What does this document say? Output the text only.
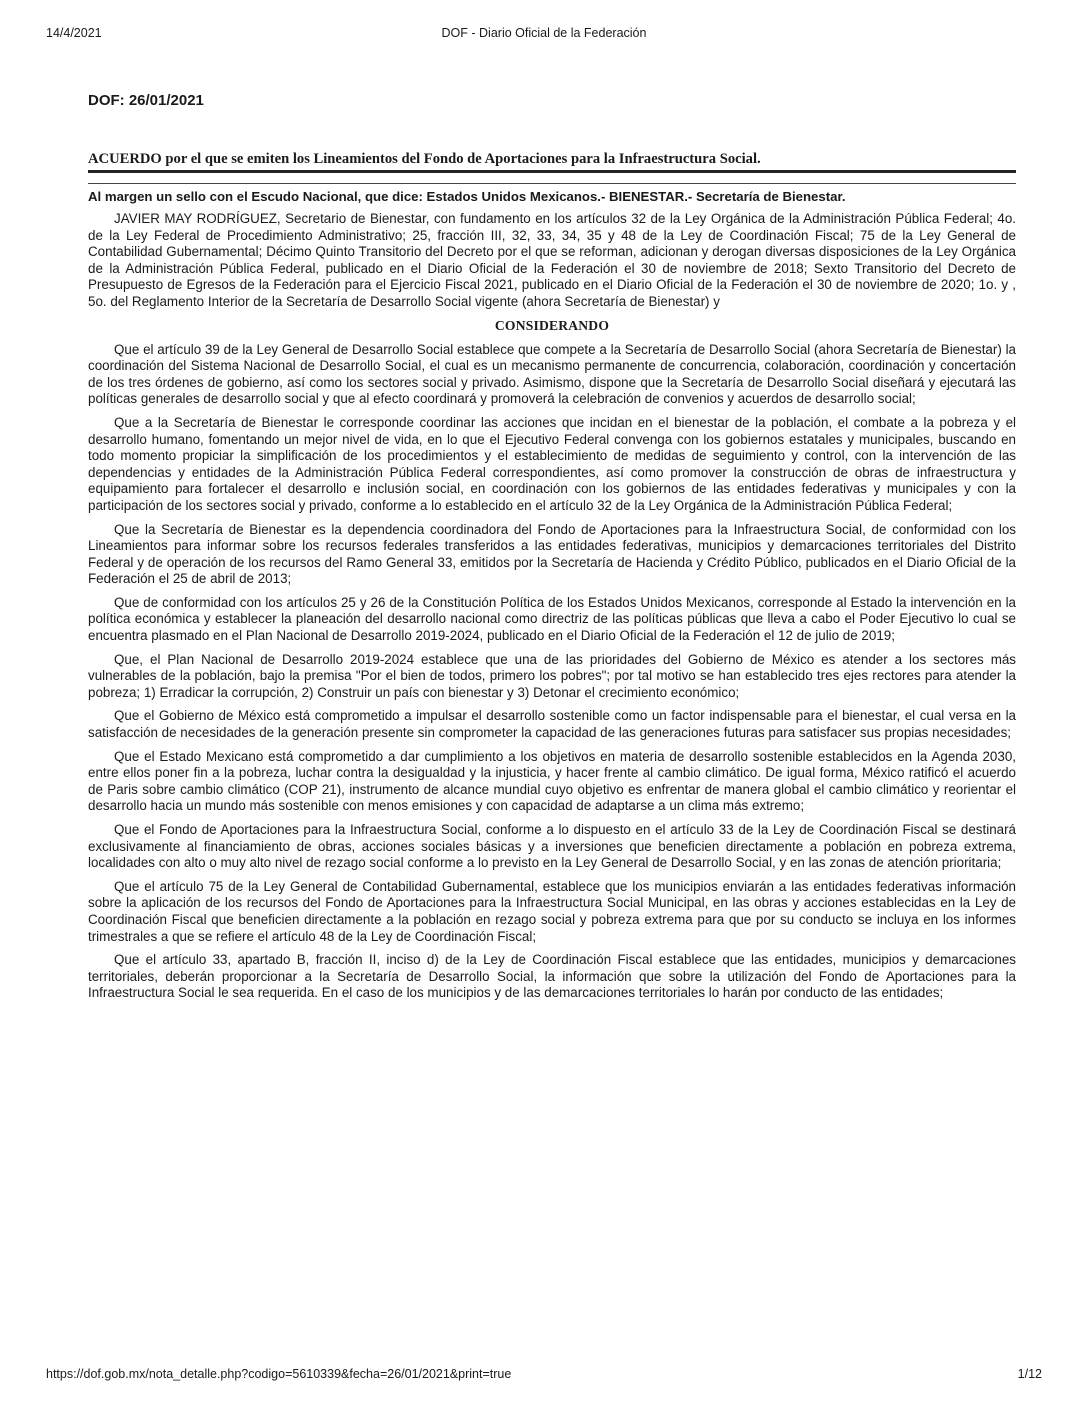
14/4/2021	DOF - Diario Oficial de la Federación
DOF: 26/01/2021
ACUERDO por el que se emiten los Lineamientos del Fondo de Aportaciones para la Infraestructura Social.
Al margen un sello con el Escudo Nacional, que dice: Estados Unidos Mexicanos.- BIENESTAR.- Secretaría de Bienestar.

JAVIER MAY RODRÍGUEZ, Secretario de Bienestar, con fundamento en los artículos 32 de la Ley Orgánica de la Administración Pública Federal; 4o. de la Ley Federal de Procedimiento Administrativo; 25, fracción III, 32, 33, 34, 35 y 48 de la Ley de Coordinación Fiscal; 75 de la Ley General de Contabilidad Gubernamental; Décimo Quinto Transitorio del Decreto por el que se reforman, adicionan y derogan diversas disposiciones de la Ley Orgánica de la Administración Pública Federal, publicado en el Diario Oficial de la Federación el 30 de noviembre de 2018; Sexto Transitorio del Decreto de Presupuesto de Egresos de la Federación para el Ejercicio Fiscal 2021, publicado en el Diario Oficial de la Federación el 30 de noviembre de 2020; 1o. y , 5o. del Reglamento Interior de la Secretaría de Desarrollo Social vigente (ahora Secretaría de Bienestar) y

CONSIDERANDO

Que el artículo 39 de la Ley General de Desarrollo Social establece que compete a la Secretaría de Desarrollo Social (ahora Secretaría de Bienestar) la coordinación del Sistema Nacional de Desarrollo Social, el cual es un mecanismo permanente de concurrencia, colaboración, coordinación y concertación de los tres órdenes de gobierno, así como los sectores social y privado. Asimismo, dispone que la Secretaría de Desarrollo Social diseñará y ejecutará las políticas generales de desarrollo social y que al efecto coordinará y promoverá la celebración de convenios y acuerdos de desarrollo social;

Que a la Secretaría de Bienestar le corresponde coordinar las acciones que incidan en el bienestar de la población, el combate a la pobreza y el desarrollo humano, fomentando un mejor nivel de vida, en lo que el Ejecutivo Federal convenga con los gobiernos estatales y municipales, buscando en todo momento propiciar la simplificación de los procedimientos y el establecimiento de medidas de seguimiento y control, con la intervención de las dependencias y entidades de la Administración Pública Federal correspondientes, así como promover la construcción de obras de infraestructura y equipamiento para fortalecer el desarrollo e inclusión social, en coordinación con los gobiernos de las entidades federativas y municipales y con la participación de los sectores social y privado, conforme a lo establecido en el artículo 32 de la Ley Orgánica de la Administración Pública Federal;

Que la Secretaría de Bienestar es la dependencia coordinadora del Fondo de Aportaciones para la Infraestructura Social, de conformidad con los Lineamientos para informar sobre los recursos federales transferidos a las entidades federativas, municipios y demarcaciones territoriales del Distrito Federal y de operación de los recursos del Ramo General 33, emitidos por la Secretaría de Hacienda y Crédito Público, publicados en el Diario Oficial de la Federación el 25 de abril de 2013;

Que de conformidad con los artículos 25 y 26 de la Constitución Política de los Estados Unidos Mexicanos, corresponde al Estado la intervención en la política económica y establecer la planeación del desarrollo nacional como directriz de las políticas públicas que lleva a cabo el Poder Ejecutivo lo cual se encuentra plasmado en el Plan Nacional de Desarrollo 2019-2024, publicado en el Diario Oficial de la Federación el 12 de julio de 2019;

Que, el Plan Nacional de Desarrollo 2019-2024 establece que una de las prioridades del Gobierno de México es atender a los sectores más vulnerables de la población, bajo la premisa "Por el bien de todos, primero los pobres"; por tal motivo se han establecido tres ejes rectores para atender la pobreza; 1) Erradicar la corrupción, 2) Construir un país con bienestar y 3) Detonar el crecimiento económico;

Que el Gobierno de México está comprometido a impulsar el desarrollo sostenible como un factor indispensable para el bienestar, el cual versa en la satisfacción de necesidades de la generación presente sin comprometer la capacidad de las generaciones futuras para satisfacer sus propias necesidades;

Que el Estado Mexicano está comprometido a dar cumplimiento a los objetivos en materia de desarrollo sostenible establecidos en la Agenda 2030, entre ellos poner fin a la pobreza, luchar contra la desigualdad y la injusticia, y hacer frente al cambio climático. De igual forma, México ratificó el acuerdo de Paris sobre cambio climático (COP 21), instrumento de alcance mundial cuyo objetivo es enfrentar de manera global el cambio climático y reorientar el desarrollo hacia un mundo más sostenible con menos emisiones y con capacidad de adaptarse a un clima más extremo;

Que el Fondo de Aportaciones para la Infraestructura Social, conforme a lo dispuesto en el artículo 33 de la Ley de Coordinación Fiscal se destinará exclusivamente al financiamiento de obras, acciones sociales básicas y a inversiones que beneficien directamente a población en pobreza extrema, localidades con alto o muy alto nivel de rezago social conforme a lo previsto en la Ley General de Desarrollo Social, y en las zonas de atención prioritaria;

Que el artículo 75 de la Ley General de Contabilidad Gubernamental, establece que los municipios enviarán a las entidades federativas información sobre la aplicación de los recursos del Fondo de Aportaciones para la Infraestructura Social Municipal, en las obras y acciones establecidas en la Ley de Coordinación Fiscal que beneficien directamente a la población en rezago social y pobreza extrema para que por su conducto se incluya en los informes trimestrales a que se refiere el artículo 48 de la Ley de Coordinación Fiscal;

Que el artículo 33, apartado B, fracción II, inciso d) de la Ley de Coordinación Fiscal establece que las entidades, municipios y demarcaciones territoriales, deberán proporcionar a la Secretaría de Desarrollo Social, la información que sobre la utilización del Fondo de Aportaciones para la Infraestructura Social le sea requerida. En el caso de los municipios y de las demarcaciones territoriales lo harán por conducto de las entidades;

https://dof.gob.mx/nota_detalle.php?codigo=5610339&fecha=26/01/2021&print=true	1/12
